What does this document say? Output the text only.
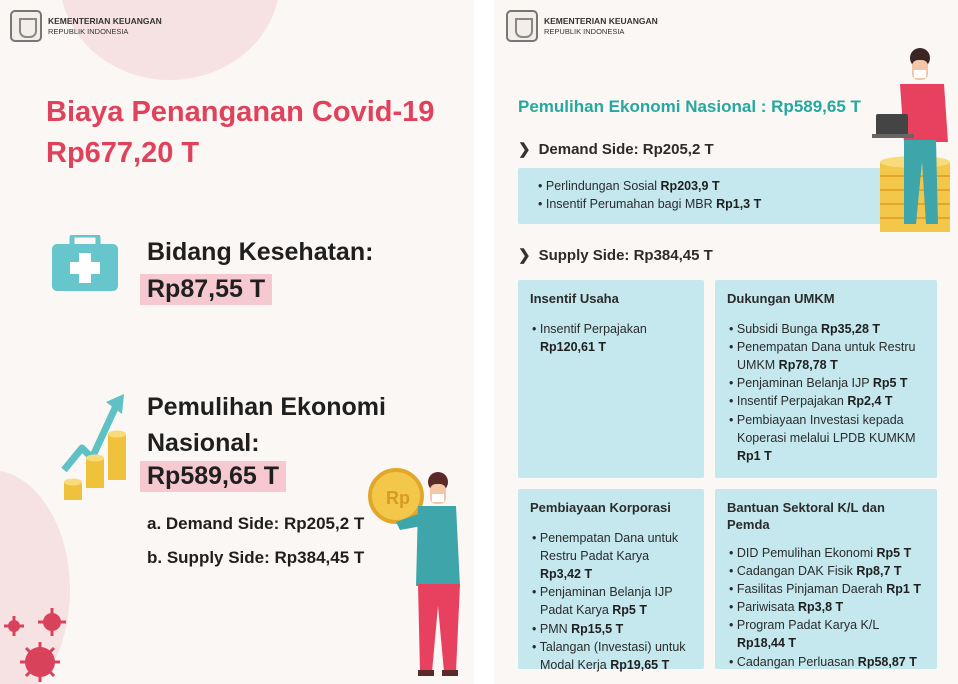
KEMENTERIAN KEUANGAN
REPUBLIK INDONESIA
Biaya Penanganan Covid-19
Rp677,20 T
Bidang Kesehatan:
Rp87,55 T
Pemulihan Ekonomi
Nasional:
Rp589,65 T
a. Demand Side: Rp205,2 T
b. Supply Side: Rp384,45 T
Rp
KEMENTERIAN KEUANGAN
REPUBLIK INDONESIA
Pemulihan Ekonomi Nasional : Rp589,65 T
❯ Demand Side: Rp205,2 T
• Perlindungan Sosial Rp203,9 T
• Insentif Perumahan bagi MBR Rp1,3 T
❯ Supply Side: Rp384,45 T
Insentif Usaha
• Insentif Perpajakan Rp120,61 T
Dukungan UMKM
• Subsidi Bunga Rp35,28 T
• Penempatan Dana untuk Restru UMKM Rp78,78 T
• Penjaminan Belanja IJP Rp5 T
• Insentif Perpajakan Rp2,4 T
• Pembiayaan Investasi kepada Koperasi melalui LPDB KUMKM Rp1 T
Pembiayaan Korporasi
• Penempatan Dana untuk Restru Padat Karya Rp3,42 T
• Penjaminan Belanja IJP Padat Karya Rp5 T
• PMN Rp15,5 T
• Talangan (Investasi) untuk Modal Kerja Rp19,65 T
Bantuan Sektoral K/L dan Pemda
• DID Pemulihan Ekonomi Rp5 T
• Cadangan DAK Fisik Rp8,7 T
• Fasilitas Pinjaman Daerah Rp1 T
• Pariwisata Rp3,8 T
• Program Padat Karya K/L Rp18,44 T
• Cadangan Perluasan Rp58,87 T
